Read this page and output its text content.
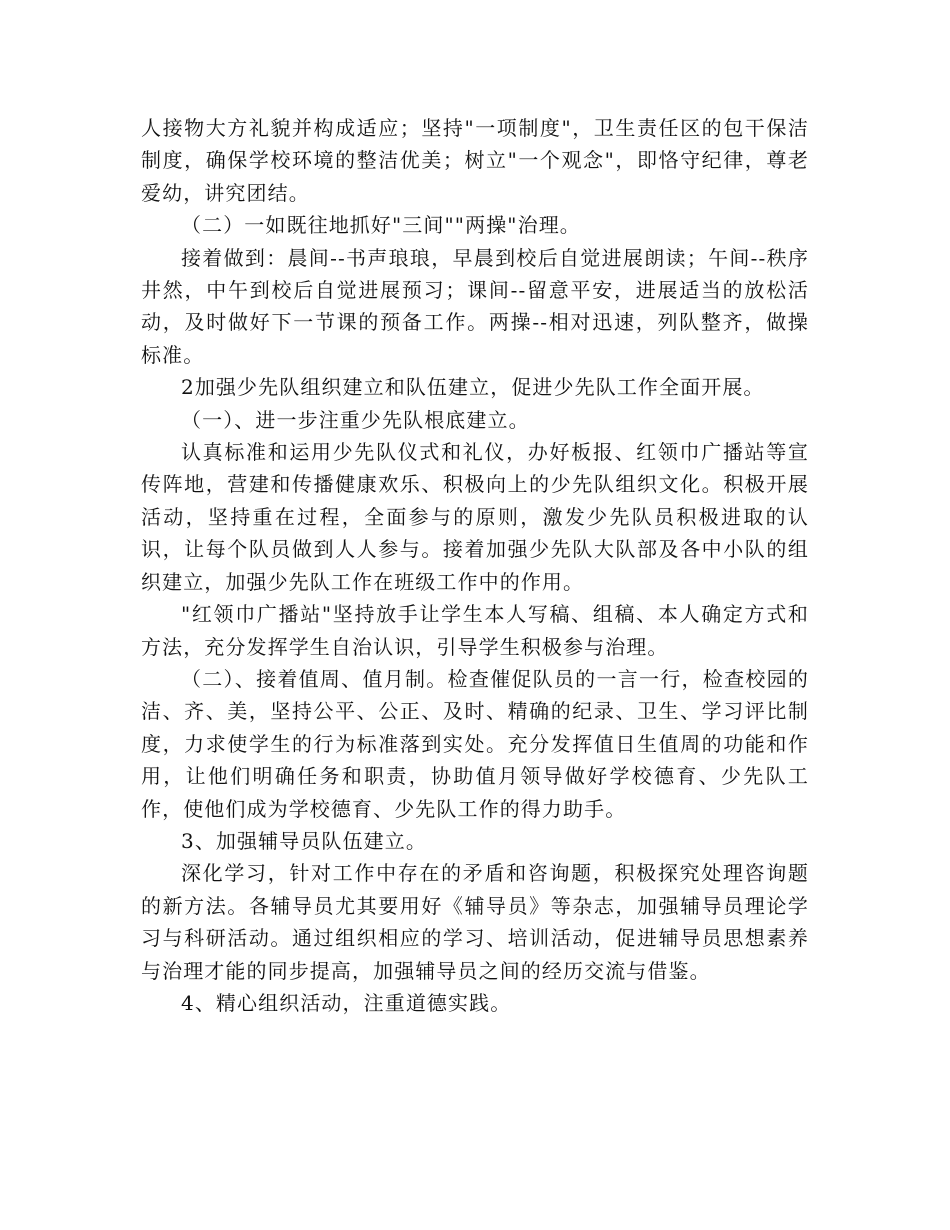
人接物大方礼貌并构成适应；坚持"一项制度"，卫生责任区的包干保洁制度，确保学校环境的整洁优美；树立"一个观念"，即恪守纪律，尊老爱幼，讲究团结。

（二）一如既往地抓好"三间""两操"治理。

接着做到：晨间--书声琅琅，早晨到校后自觉进展朗读；午间--秩序井然，中午到校后自觉进展预习；课间--留意平安，进展适当的放松活动，及时做好下一节课的预备工作。两操--相对迅速，列队整齐，做操标准。

2加强少先队组织建立和队伍建立，促进少先队工作全面开展。

（一）、进一步注重少先队根底建立。

认真标准和运用少先队仪式和礼仪，办好板报、红领巾广播站等宣传阵地，营建和传播健康欢乐、积极向上的少先队组织文化。积极开展活动，坚持重在过程，全面参与的原则，激发少先队员积极进取的认识，让每个队员做到人人参与。接着加强少先队大队部及各中小队的组织建立，加强少先队工作在班级工作中的作用。

"红领巾广播站"坚持放手让学生本人写稿、组稿、本人确定方式和方法，充分发挥学生自治认识，引导学生积极参与治理。

（二）、接着值周、值月制。检查催促队员的一言一行，检查校园的洁、齐、美，坚持公平、公正、及时、精确的纪录、卫生、学习评比制度，力求使学生的行为标准落到实处。充分发挥值日生值周的功能和作用，让他们明确任务和职责，协助值月领导做好学校德育、少先队工作，使他们成为学校德育、少先队工作的得力助手。

3、加强辅导员队伍建立。

深化学习，针对工作中存在的矛盾和咨询题，积极探究处理咨询题的新方法。各辅导员尤其要用好《辅导员》等杂志，加强辅导员理论学习与科研活动。通过组织相应的学习、培训活动，促进辅导员思想素养与治理才能的同步提高，加强辅导员之间的经历交流与借鉴。

4、精心组织活动，注重道德实践。
